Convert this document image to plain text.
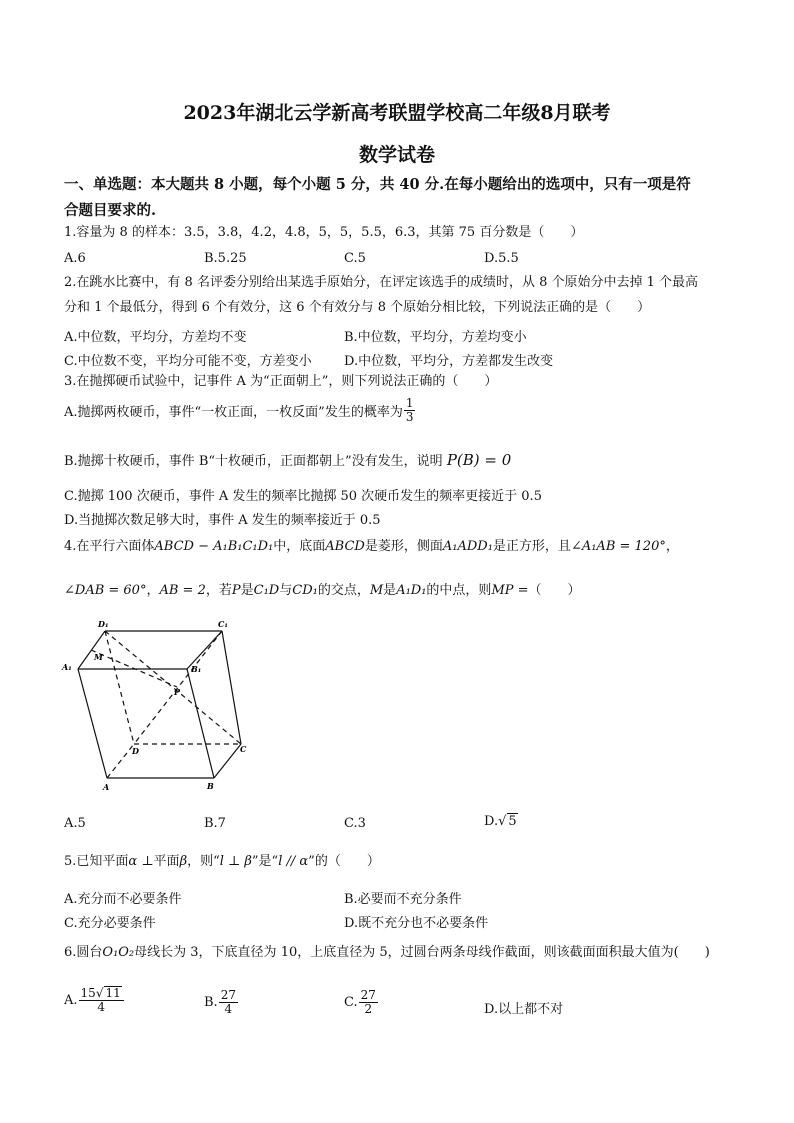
2023年湖北云学新高考联盟学校高二年级8月联考
数学试卷
一、单选题：本大题共 8 小题，每个小题 5 分，共 40 分.在每小题给出的选项中，只有一项是符
合题目要求的.
1.容量为 8 的样本：3.5，3.8，4.2，4.8，5，5，5.5，6.3，其第 75 百分数是（　　）
A.6	B.5.25	C.5	D.5.5
2.在跳水比赛中，有 8 名评委分别给出某选手原始分，在评定该选手的成绩时，从 8 个原始分中去掉 1 个最高
分和 1 个最低分，得到 6 个有效分，这 6 个有效分与 8 个原始分相比较，下列说法正确的是（　　）
A.中位数，平均分，方差均不变	B.中位数，平均分，方差均变小
C.中位数不变，平均分可能不变，方差变小 D.中位数，平均分，方差都发生改变
3.在抛掷硬币试验中，记事件 A 为“正面朝上”，则下列说法正确的（　　）
A.抛掷两枚硬币，事件“一枚正面，一枚反面”发生的概率为 $\frac{1}{3}$
B.抛掷十枚硬币，事件 B“十枚硬币，正面都朝上”没有发生，说明 P(B) = 0
C.抛掷 100 次硬币，事件 A 发生的频率比抛掷 50 次硬币发生的频率更接近于 0.5
D.当抛掷次数足够大时，事件 A 发生的频率接近于 0.5
4.在平行六面体ABCD − A₁B₁C₁D₁中，底面ABCD是菱形，侧面A₁ADD₁是正方形，且∠A₁AB = 120°，
∠DAB = 60°，AB = 2，若P是C₁D与CD₁的交点，M是A₁D₁的中点，则MP =（　　）
D₁	C₁
A₁	B₁
M
P
D	C
A	B
A.5	B.7	C.3	D.√ 5
5.已知平面α ⊥平面β，则“l ⊥ β”是“l // α”的（　　）
A.充分而不必要条件	B.必要而不充分条件
C.充分必要条件	D.既不充分也不必要条件
6.圆台O₁O₂母线长为 3，下底直径为 10，上底直径为 5，过圆台两条母线作截面，则该截面面积最大值为(　　)
A. $\frac{15√ 11}{4}$	B. $\frac{27}{4}$	C. $\frac{27}{2}$	D.以上都不对
